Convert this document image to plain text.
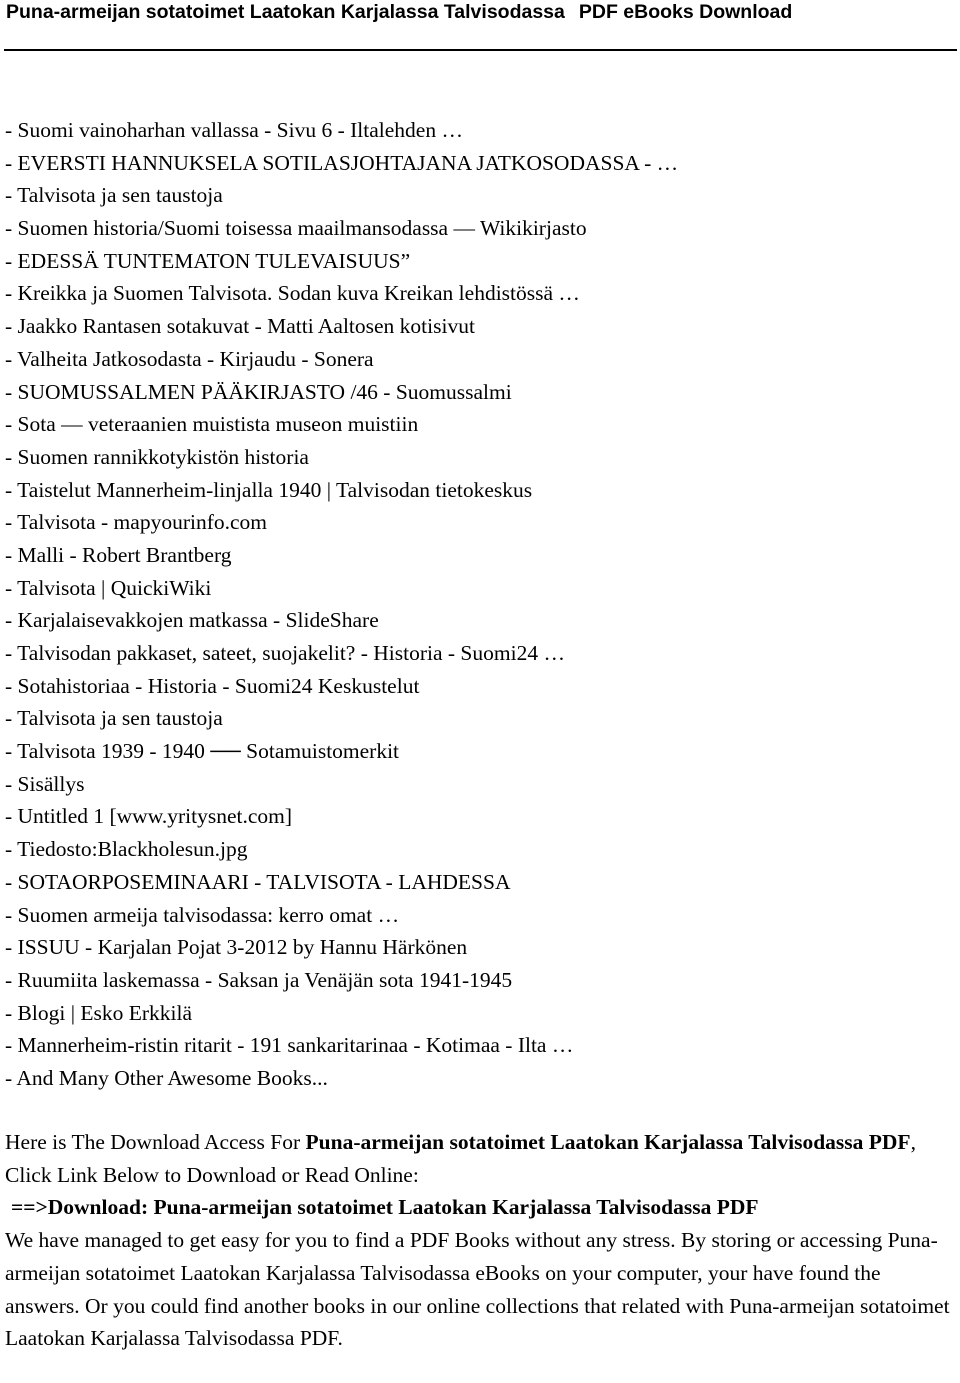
Puna-armeijan sotatoimet Laatokan Karjalassa Talvisodassa PDF eBooks Download
- Suomi vainoharhan vallassa - Sivu 6 - Iltalehden …
- EVERSTI HANNUKSELA SOTILASJOHTAJANA JATKOSODASSA - …
- Talvisota ja sen taustoja
- Suomen historia/Suomi toisessa maailmansodassa — Wikikirjasto
- EDESSÄ TUNTEMATON TULEVAISUUS”
- Kreikka ja Suomen Talvisota. Sodan kuva Kreikan lehdistössä …
- Jaakko Rantasen sotakuvat - Matti Aaltosen kotisivut
- Valheita Jatkosodasta - Kirjaudu - Sonera
- SUOMUSSALMEN PÄÄKIRJASTO /46 - Suomussalmi
- Sota — veteraanien muistista museon muistiin
- Suomen rannikkotykistön historia
- Taistelut Mannerheim-linjalla 1940 | Talvisodan tietokeskus
- Talvisota - mapyourinfo.com
- Malli - Robert Brantberg
- Talvisota | QuickiWiki
- Karjalaisevakkojen matkassa - SlideShare
- Talvisodan pakkaset, sateet, suojakelit? - Historia - Suomi24 …
- Sotahistoriaa - Historia - Suomi24 Keskustelut
- Talvisota ja sen taustoja
- Talvisota 1939 - 1940 ── Sotamuistomerkit
- Sisällys
- Untitled 1 [www.yritysnet.com]
- Tiedosto:Blackholesun.jpg
- SOTAORPOSEMINAARI - TALVISOTA - LAHDESSA
- Suomen armeija talvisodassa: kerro omat …
- ISSUU - Karjalan Pojat 3-2012 by Hannu Härkönen
- Ruumiita laskemassa - Saksan ja Venäjän sota 1941-1945
- Blogi | Esko Erkkilä
- Mannerheim-ristin ritarit - 191 sankaritarinaa - Kotimaa - Ilta …
- And Many Other Awesome Books...

Here is The Download Access For Puna-armeijan sotatoimet Laatokan Karjalassa Talvisodassa PDF, Click Link Below to Download or Read Online:

==>Download: Puna-armeijan sotatoimet Laatokan Karjalassa Talvisodassa PDF

We have managed to get easy for you to find a PDF Books without any stress. By storing or accessing Puna-armeijan sotatoimet Laatokan Karjalassa Talvisodassa eBooks on your computer, your have found the answers. Or you could find another books in our online collections that related with Puna-armeijan sotatoimet Laatokan Karjalassa Talvisodassa PDF.
